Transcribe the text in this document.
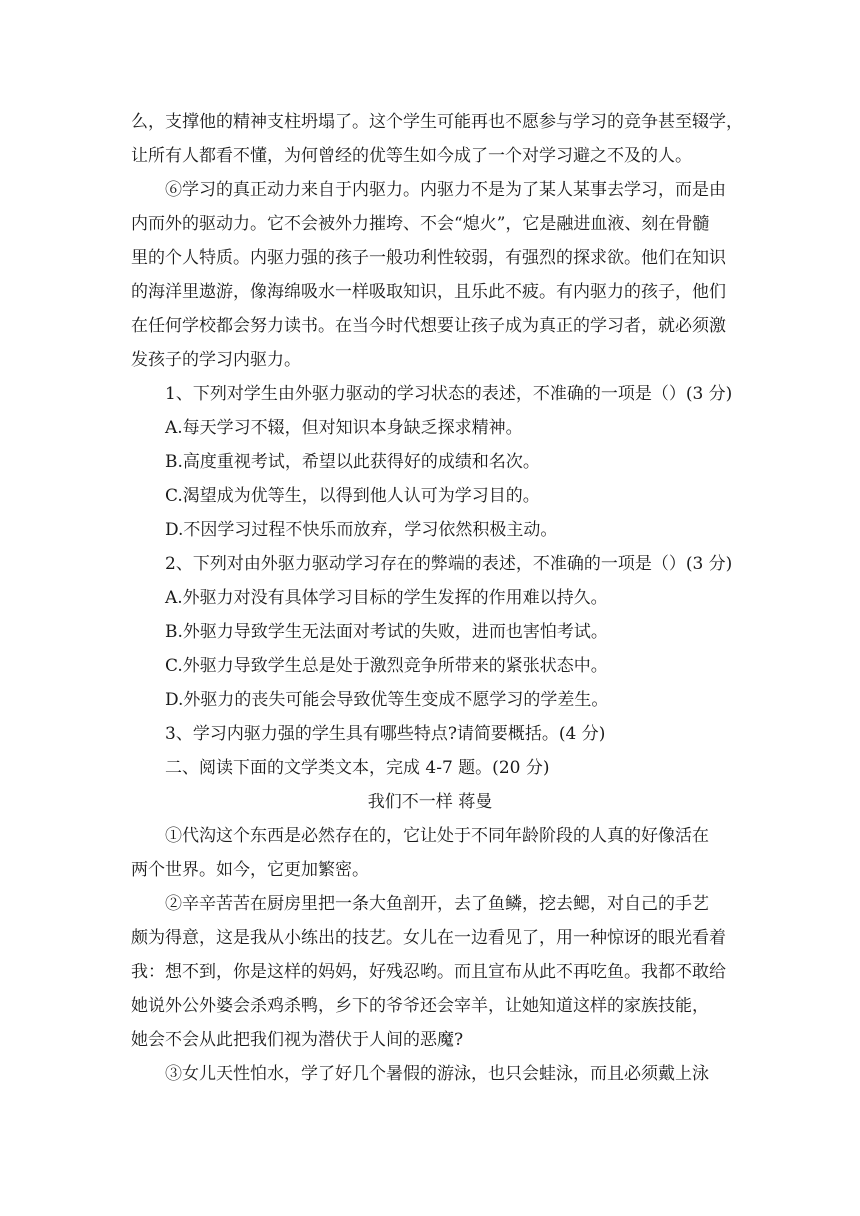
么，支撑他的精神支柱坍塌了。这个学生可能再也不愿参与学习的竞争甚至辍学，
让所有人都看不懂，为何曾经的优等生如今成了一个对学习避之不及的人。
⑥学习的真正动力来自于内驱力。内驱力不是为了某人某事去学习，而是由
内而外的驱动力。它不会被外力摧垮、不会“熄火”，它是融进血液、刻在骨髓
里的个人特质。内驱力强的孩子一般功利性较弱，有强烈的探求欲。他们在知识
的海洋里遨游，像海绵吸水一样吸取知识，且乐此不疲。有内驱力的孩子，他们
在任何学校都会努力读书。在当今时代想要让孩子成为真正的学习者，就必须激
发孩子的学习内驱力。
1、下列对学生由外驱力驱动的学习状态的表述，不准确的一项是（）(3 分)
A.每天学习不辍，但对知识本身缺乏探求精神。
B.高度重视考试，希望以此获得好的成绩和名次。
C.渴望成为优等生，以得到他人认可为学习目的。
D.不因学习过程不快乐而放弃，学习依然积极主动。
2、下列对由外驱力驱动学习存在的弊端的表述，不准确的一项是（）(3 分)
A.外驱力对没有具体学习目标的学生发挥的作用难以持久。
B.外驱力导致学生无法面对考试的失败，进而也害怕考试。
C.外驱力导致学生总是处于激烈竞争所带来的紧张状态中。
D.外驱力的丧失可能会导致优等生变成不愿学习的学差生。
3、学习内驱力强的学生具有哪些特点?请简要概括。(4 分)
二、阅读下面的文学类文本，完成 4-7 题。(20 分)
我们不一样 蒋曼
①代沟这个东西是必然存在的，它让处于不同年龄阶段的人真的好像活在
两个世界。如今，它更加繁密。
②辛辛苦苦在厨房里把一条大鱼剖开，去了鱼鳞，挖去鳃，对自己的手艺
颇为得意，这是我从小练出的技艺。女儿在一边看见了，用一种惊讶的眼光看着
我：想不到，你是这样的妈妈，好残忍哟。而且宣布从此不再吃鱼。我都不敢给
她说外公外婆会杀鸡杀鸭，乡下的爷爷还会宰羊，让她知道这样的家族技能，
她会不会从此把我们视为潜伏于人间的恶魔?
③女儿天性怕水，学了好几个暑假的游泳，也只会蛙泳，而且必须戴上泳
